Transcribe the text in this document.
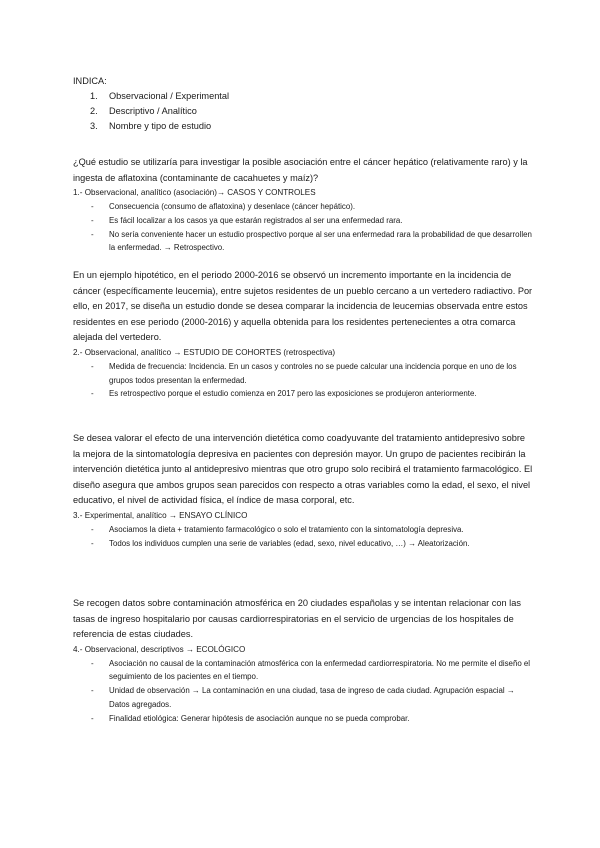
INDICA:

1. Observacional / Experimental
2. Descriptivo / Analítico
3. Nombre y tipo de estudio

¿Qué estudio se utilizaría para investigar la posible asociación entre el cáncer hepático (relativamente raro) y la ingesta de aflatoxina (contaminante de cacahuetes y maíz)?

1.- Observacional, analítico (asociación)→ CASOS Y CONTROLES

- Consecuencia (consumo de aflatoxina) y desenlace (cáncer hepático).
- Es fácil localizar a los casos ya que estarán registrados al ser una enfermedad rara.
- No sería conveniente hacer un estudio prospectivo porque al ser una enfermedad rara la probabilidad de que desarrollen la enfermedad. → Retrospectivo.

En un ejemplo hipotético, en el periodo 2000-2016 se observó un incremento importante en la incidencia de cáncer (específicamente leucemia), entre sujetos residentes de un pueblo cercano a un vertedero radiactivo. Por ello, en 2017, se diseña un estudio donde se desea comparar la incidencia de leucemias observada entre estos residentes en ese periodo (2000-2016) y aquella obtenida para los residentes pertenecientes a otra comarca alejada del vertedero.

2.- Observacional, analítico → ESTUDIO DE COHORTES (retrospectiva)

- Medida de frecuencia: Incidencia. En un casos y controles no se puede calcular una incidencia porque en uno de los grupos todos presentan la enfermedad.
- Es retrospectivo porque el estudio comienza en 2017 pero las exposiciones se produjeron anteriormente.

Se desea valorar el efecto de una intervención dietética como coadyuvante del tratamiento antidepresivo sobre la mejora de la sintomatología depresiva en pacientes con depresión mayor. Un grupo de pacientes recibirán la intervención dietética junto al antidepresivo mientras que otro grupo solo recibirá el tratamiento farmacológico. El diseño asegura que ambos grupos sean parecidos con respecto a otras variables como la edad, el sexo, el nivel educativo, el nivel de actividad física, el índice de masa corporal, etc.

3.- Experimental, analítico → ENSAYO CLÍNICO

- Asociamos la dieta + tratamiento farmacológico o solo el tratamiento con la sintomatología depresiva.
- Todos los individuos cumplen una serie de variables (edad, sexo, nivel educativo, …) → Aleatorización.

Se recogen datos sobre contaminación atmosférica en 20 ciudades españolas y se intentan relacionar con las tasas de ingreso hospitalario por causas cardiorrespiratorias en el servicio de urgencias de los hospitales de referencia de estas ciudades.

4.- Observacional, descriptivos → ECOLÓGICO

- Asociación no causal de la contaminación atmosférica con la enfermedad cardiorrespiratoria. No me permite el diseño el seguimiento de los pacientes en el tiempo.
- Unidad de observación → La contaminación en una ciudad, tasa de ingreso de cada ciudad. Agrupación espacial → Datos agregados.
- Finalidad etiológica: Generar hipótesis de asociación aunque no se pueda comprobar.
